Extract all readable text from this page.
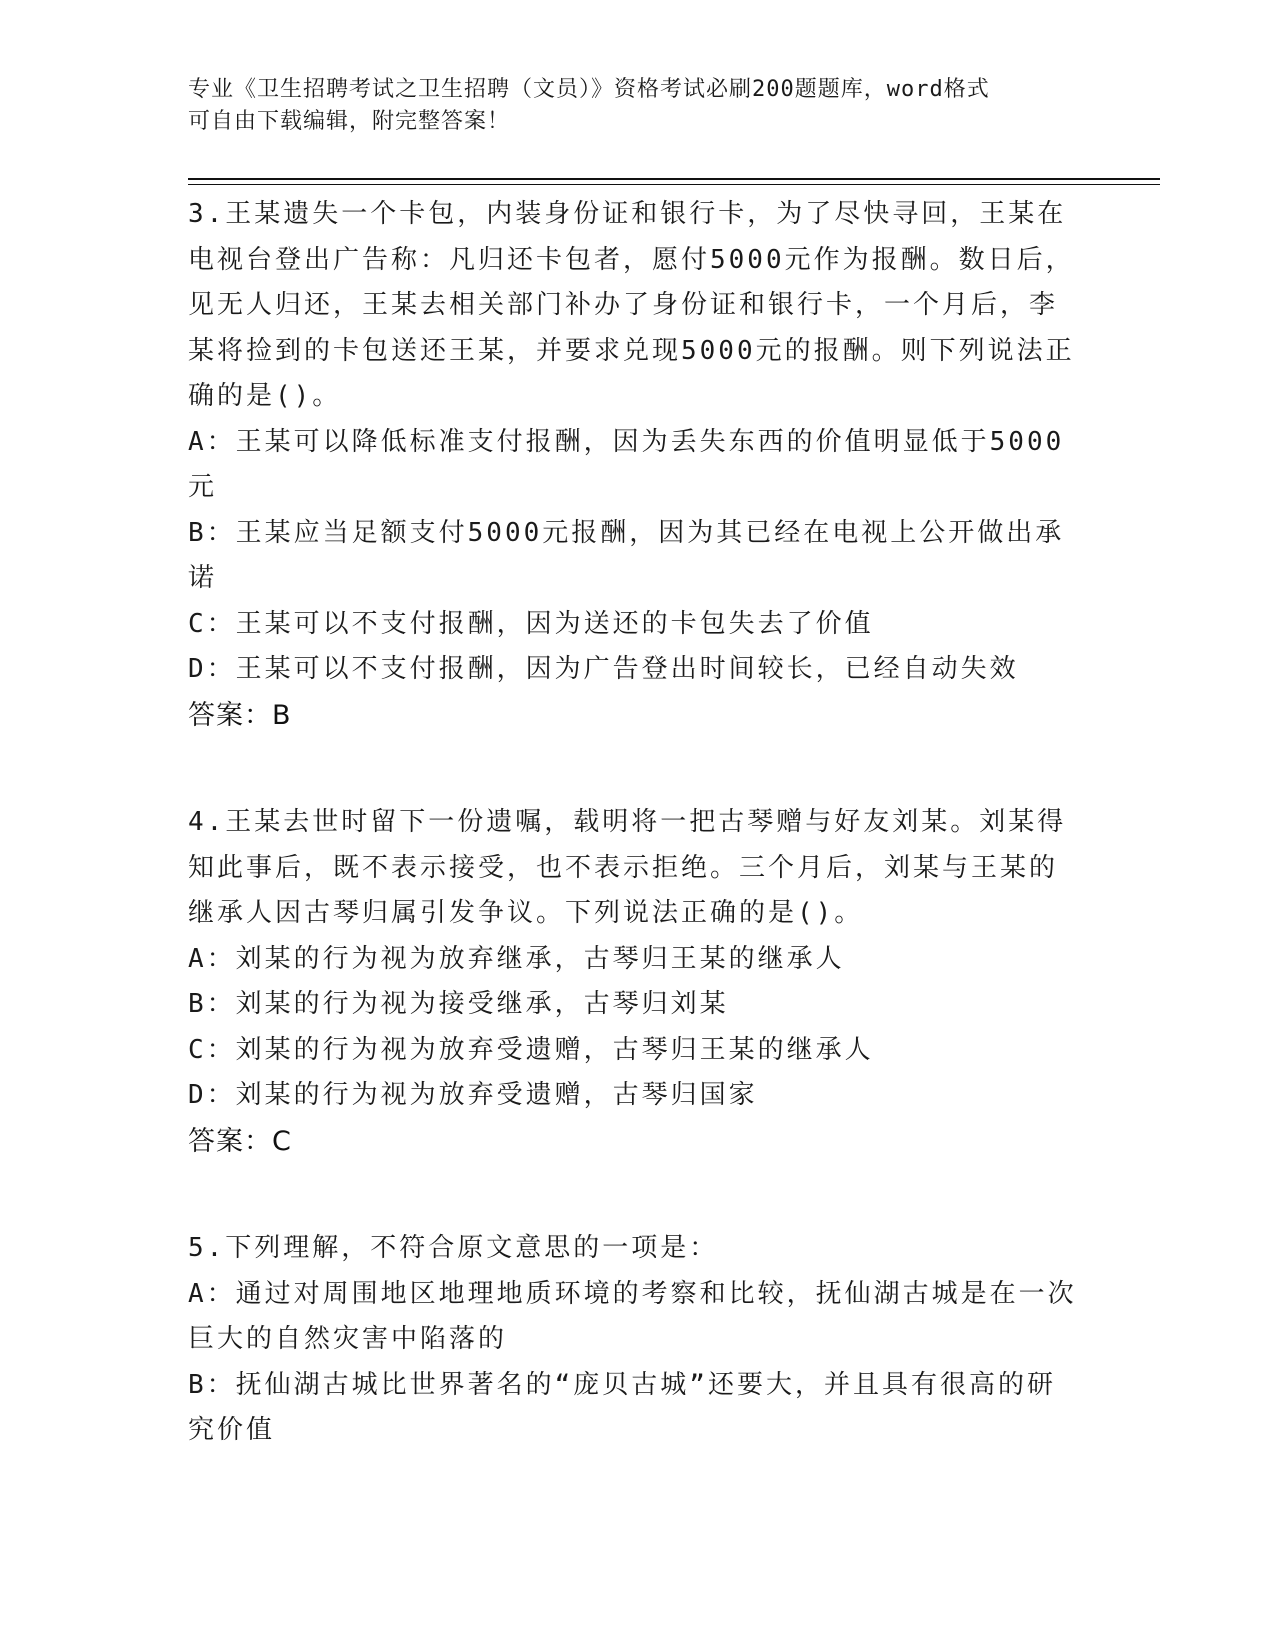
专业《卫生招聘考试之卫生招聘（文员）》资格考试必刷200题题库，word格式
可自由下载编辑，附完整答案！
3.王某遗失一个卡包，内装身份证和银行卡，为了尽快寻回，王某在
电视台登出广告称：凡归还卡包者，愿付5000元作为报酬。数日后，
见无人归还，王某去相关部门补办了身份证和银行卡，一个月后，李
某将捡到的卡包送还王某，并要求兑现5000元的报酬。则下列说法正
确的是()。
A：王某可以降低标准支付报酬，因为丢失东西的价值明显低于5000
元
B：王某应当足额支付5000元报酬，因为其已经在电视上公开做出承
诺
C：王某可以不支付报酬，因为送还的卡包失去了价值
D：王某可以不支付报酬，因为广告登出时间较长，已经自动失效
答案：B
4.王某去世时留下一份遗嘱，载明将一把古琴赠与好友刘某。刘某得
知此事后，既不表示接受，也不表示拒绝。三个月后，刘某与王某的
继承人因古琴归属引发争议。下列说法正确的是()。
A：刘某的行为视为放弃继承，古琴归王某的继承人
B：刘某的行为视为接受继承，古琴归刘某
C：刘某的行为视为放弃受遗赠，古琴归王某的继承人
D：刘某的行为视为放弃受遗赠，古琴归国家
答案：C
5.下列理解，不符合原文意思的一项是：
A：通过对周围地区地理地质环境的考察和比较，抚仙湖古城是在一次
巨大的自然灾害中陷落的
B：抚仙湖古城比世界著名的“庞贝古城”还要大，并且具有很高的研
究价值
